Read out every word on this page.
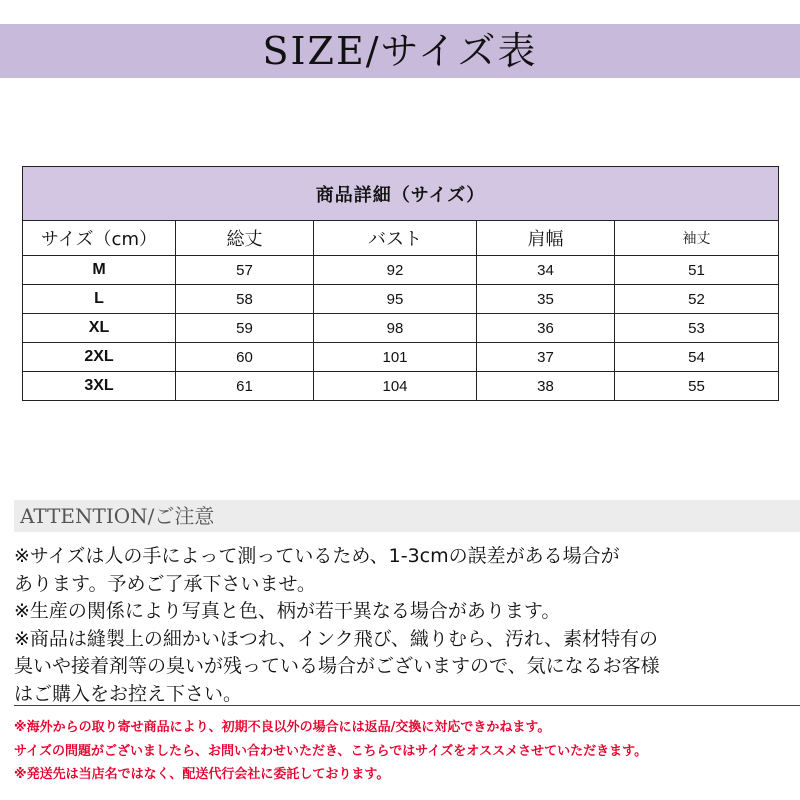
SIZE/サイズ表
商品詳細（サイズ）				
サイズ（cm）	総丈	バスト	肩幅	袖丈
M	57	92	34	51
L	58	95	35	52
XL	59	98	36	53
2XL	60	101	37	54
3XL	61	104	38	55
ATTENTION/ご注意

※サイズは人の手によって測っているため、1-3cmの誤差がある場合が

あります。予めご了承下さいませ。

※生産の関係により写真と色、柄が若干異なる場合があります。

※商品は縫製上の細かいほつれ、インク飛び、織りむら、汚れ、素材特有の

臭いや接着剤等の臭いが残っている場合がございますので、気になるお客様

はご購入をお控え下さい。

※海外からの取り寄せ商品により、初期不良以外の場合には返品/交換に対応できかねます。

サイズの問題がございましたら、お問い合わせいただき、こちらではサイズをオススメさせていただきます。

※発送先は当店名ではなく、配送代行会社に委託しております。
